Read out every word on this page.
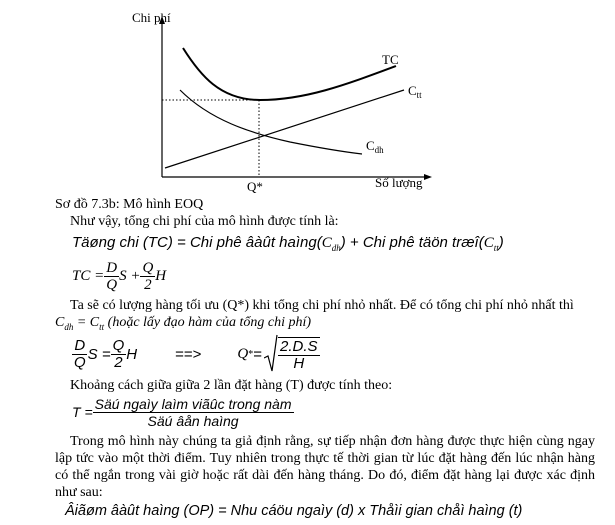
Chi phí
Số lượng
Q*
TC
$C_{tt}$
$C_{dh}$
Sơ đồ 7.3b: Mô hình EOQ
Như vậy, tổng chi phí của mô hình được tính là:
Täøng chi (TC) = Chi phê âàût $haìng(C_{dh})$ + Chi phê täön $træî(C_{tt})$
TC = $\frac{D}{Q}$ $S + \frac{Q}{2}$ H
Ta sẽ có lượng hàng tối ưu (Q*) khi tổng chi phí nhỏ nhất. Để có tổng chi phí nhỏ nhất thì
$C_{dh} = C_{tt}$ (hoặc lấy đạo hàm của tổng chi phí)
$\frac{D}{Q}$ $S = \frac{Q}{2}$ H	==> Q * = $\frac{2.D.S}{H}$
Khoảng cách giữa giữa 2 lần đặt hàng (T) được tính theo:
$T = \frac{\text{Säú ngaìy laìm viãûc trong nàm}}{\text{Säú âån haìng}}$
Trong mô hình này chúng ta giả định rằng, sự tiếp nhận đơn hàng được thực hiện cùng ngay lập tức vào một thời điểm. Tuy nhiên trong thực tế thời gian từ lúc đặt hàng đến lúc nhận hàng có thể ngắn trong vài giờ hoặc rất dài đến hàng tháng. Do đó, điểm đặt hàng lại được xác định như sau:
Âiãøm âàût haìng (OP) = Nhu cáöu ngaìy (d) x Thåìi gian chåì haìng (t)
